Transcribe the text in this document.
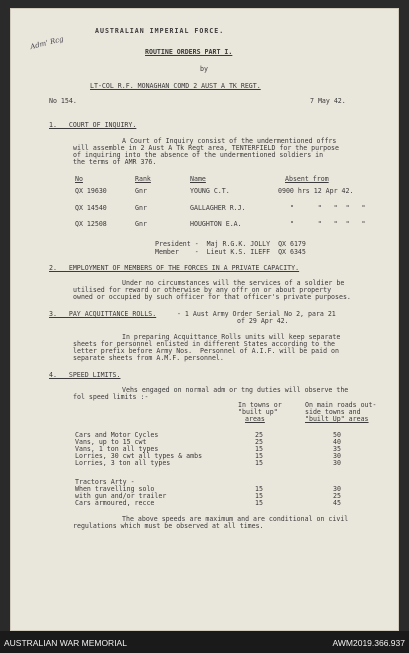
Adm' Rcg
AUSTRALIAN IMPERIAL FORCE.
ROUTINE ORDERS PART I.
by
LT-COL R.F. MONAGHAN COMD 2 AUST A TK REGT.
No 154.	7 May 42.
1.   COURT OF INQUIRY.
A Court of Inquiry consist of the undermentioned offrs
will assemble in 2 Aust A Tk Regt area, TENTERFIELD for the purpose
of inquiring into the absence of the undermentioned soldiers in
the terms of AMR 376.
No	Rank	Name	Absent from
QX 19630	Gnr	YOUNG C.T.	0900 hrs 12 Apr 42.
QX 14540	Gnr	GALLAGHER R.J.	"      "   "  "   "
QX 12508	Gnr	HOUGHTON E.A.	"      "   "  "   "
President -  Maj R.G.K. JOLLY  QX 6179
Member    -  Lieut K.S. ILEFF  QX 6345
2.   EMPLOYMENT OF MEMBERS OF THE FORCES IN A PRIVATE CAPACITY.
Under no circumstances will the services of a soldier be
utilised for reward or otherwise by any offr on or about property
owned or occupied by such officer for that officer's private purposes.
3.   PAY ACQUITTANCE ROLLS.	- 1 Aust Army Order Serial No 2, para 21
of 29 Apr 42.
In preparing Acquittance Rolls units will keep separate
sheets for personnel enlisted in different States according to the
letter prefix before Army Nos.  Personnel of A.I.F. will be paid on
separate sheets from A.M.F. personnel.
4.   SPEED LIMITS.
Vehs engaged on normal adm or tng duties will observe the
fol speed limits :-
In towns or
"built up"
areas
On main roads out-
side towns and
"built Up" areas
Cars and Motor Cycles	25	50
Vans, up to 15 cwt	25	40
Vans, 1 ton all types	15	35
Lorries, 30 cwt all types & ambs	15	30
Lorries, 3 ton all types	15	30
Tractors Arty -
When travelling solo	15	30
with gun and/or trailer	15	25
Cars armoured, recce	15	45
The above speeds are maximum and are conditional on civil
regulations which must be observed at all times.
AUSTRALIAN WAR MEMORIAL	AWM2019.366.937
